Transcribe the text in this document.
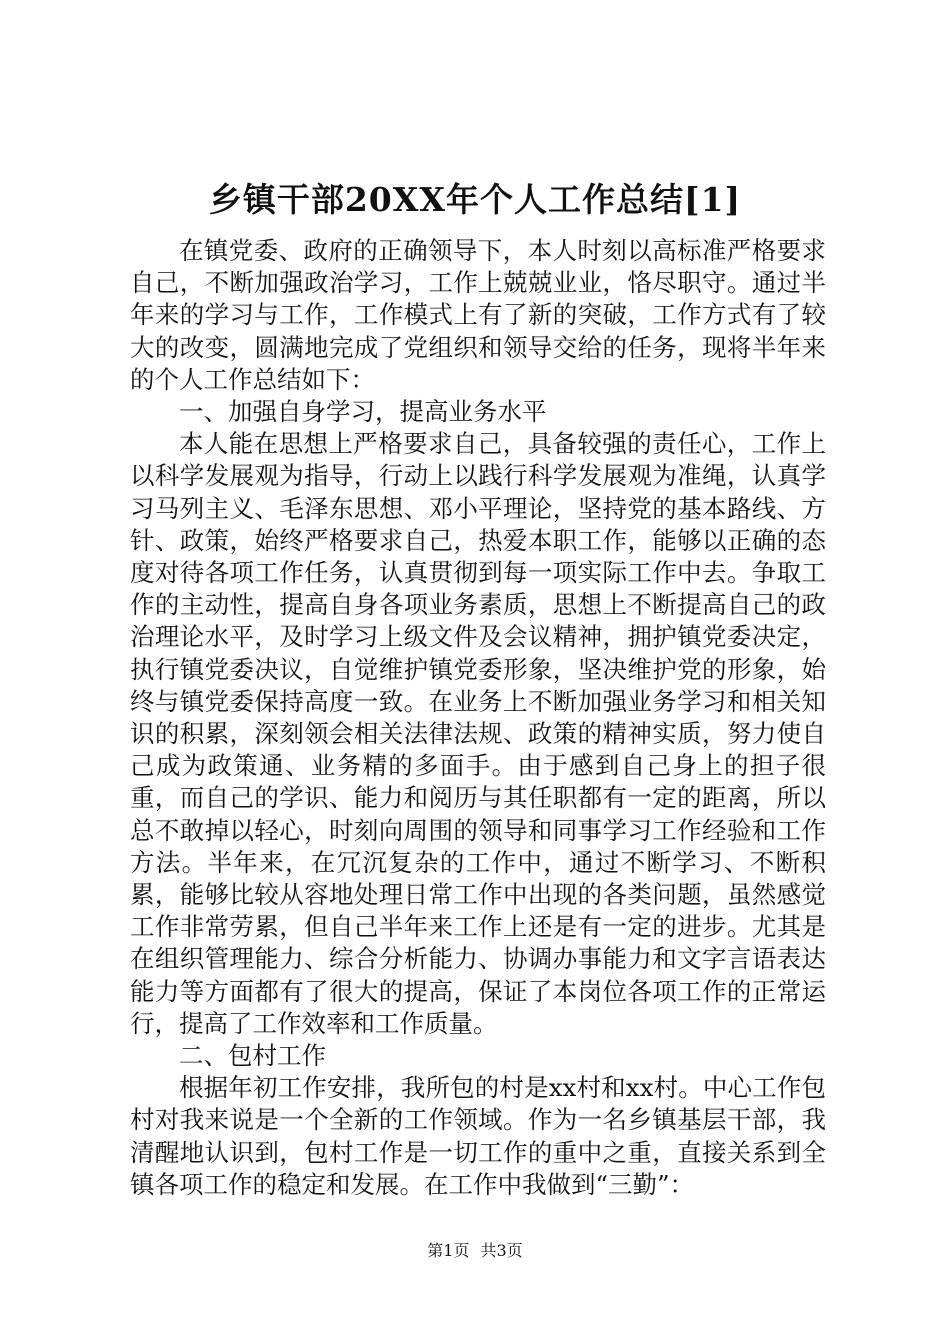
乡镇干部20XX年个人工作总结[1]

在镇党委、政府的正确领导下，本人时刻以高标准严格要求自己，不断加强政治学习，工作上兢兢业业，恪尽职守。通过半年来的学习与工作，工作模式上有了新的突破，工作方式有了较大的改变，圆满地完成了党组织和领导交给的任务，现将半年来的个人工作总结如下：

一、加强自身学习，提高业务水平

本人能在思想上严格要求自己，具备较强的责任心，工作上以科学发展观为指导，行动上以践行科学发展观为准绳，认真学习马列主义、毛泽东思想、邓小平理论，坚持党的基本路线、方针、政策，始终严格要求自己，热爱本职工作，能够以正确的态度对待各项工作任务，认真贯彻到每一项实际工作中去。争取工作的主动性，提高自身各项业务素质，思想上不断提高自己的政治理论水平，及时学习上级文件及会议精神，拥护镇党委决定，执行镇党委决议，自觉维护镇党委形象，坚决维护党的形象，始终与镇党委保持高度一致。在业务上不断加强业务学习和相关知识的积累，深刻领会相关法律法规、政策的精神实质，努力使自己成为政策通、业务精的多面手。由于感到自己身上的担子很重，而自己的学识、能力和阅历与其任职都有一定的距离，所以总不敢掉以轻心，时刻向周围的领导和同事学习工作经验和工作方法。半年来，在冗沉复杂的工作中，通过不断学习、不断积累，能够比较从容地处理日常工作中出现的各类问题，虽然感觉工作非常劳累，但自己半年来工作上还是有一定的进步。尤其是在组织管理能力、综合分析能力、协调办事能力和文字言语表达能力等方面都有了很大的提高，保证了本岗位各项工作的正常运行，提高了工作效率和工作质量。

二、包村工作

根据年初工作安排，我所包的村是xx村和xx村。中心工作包村对我来说是一个全新的工作领域。作为一名乡镇基层干部，我清醒地认识到，包村工作是一切工作的重中之重，直接关系到全镇各项工作的稳定和发展。在工作中我做到“三勤”：

第1页 共3页
